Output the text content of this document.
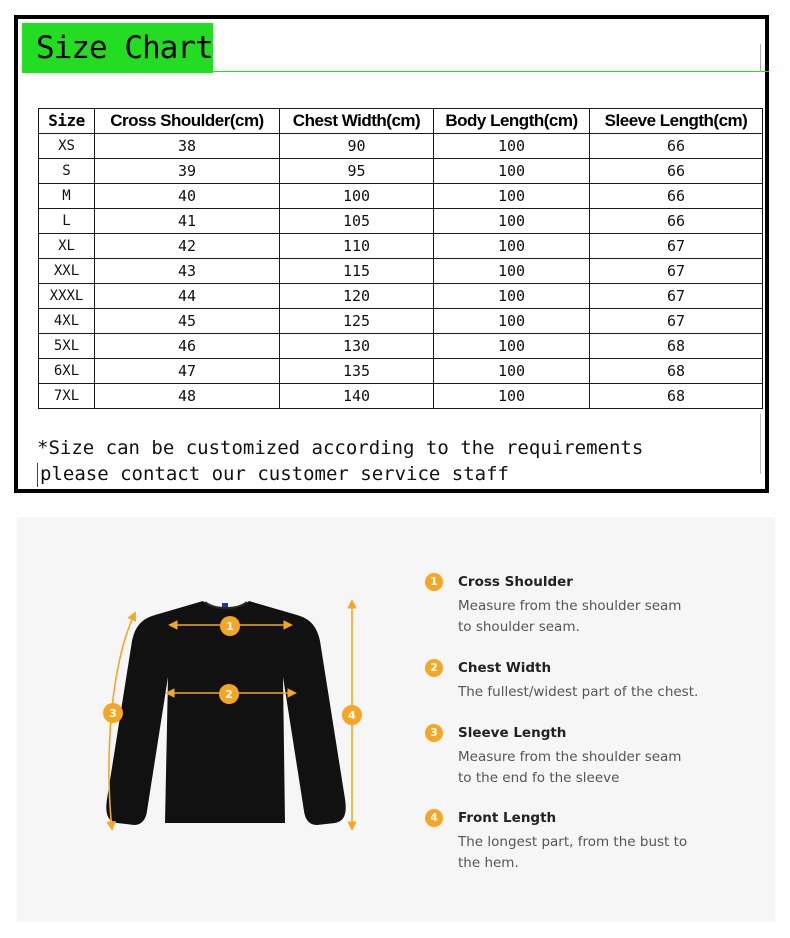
Size Chart
Size	Cross Shoulder(cm)	Chest Width(cm)	Body Length(cm)	Sleeve Length(cm)
XS	38	90	100	66
S	39	95	100	66
M	40	100	100	66
L	41	105	100	66
XL	42	110	100	67
XXL	43	115	100	67
XXXL	44	120	100	67
4XL	45	125	100	67
5XL	46	130	100	68
6XL	47	135	100	68
7XL	48	140	100	68
*Size can be customized according to the requirements
please contact our customer service staff
1
2
3	4
1	Cross Shoulder
Measure from the shoulder seam to shoulder seam.
2	Chest Width
The fullest/widest part of the chest.
3	Sleeve Length
Measure from the shoulder seam to the end fo the sleeve
4	Front Length
The longest part, from the bust to the hem.
